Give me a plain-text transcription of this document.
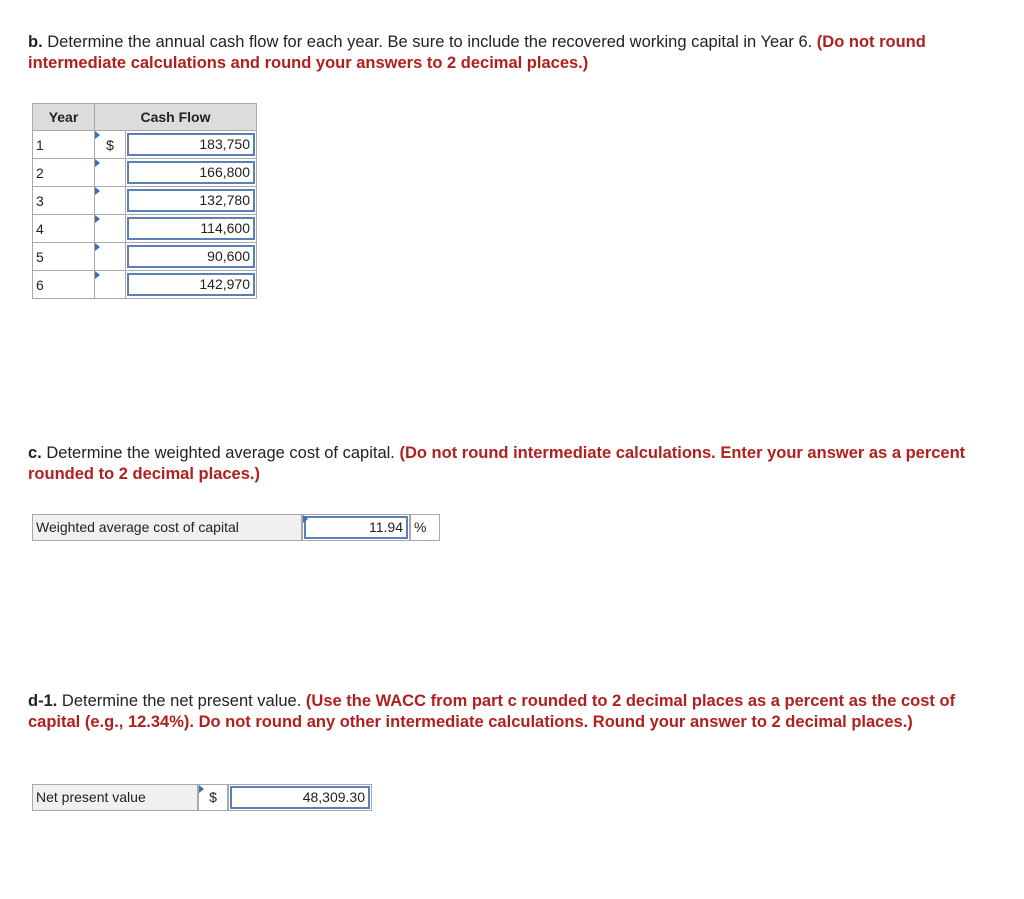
b. Determine the annual cash flow for each year. Be sure to include the recovered working capital in Year 6. (Do not round intermediate calculations and round your answers to 2 decimal places.)
Year	Cash Flow	
1	$	183,750

2		166,800

3		132,780

4		114,600

5		90,600

6		142,970
c. Determine the weighted average cost of capital. (Do not round intermediate calculations. Enter your answer as a percent rounded to 2 decimal places.)
Weighted average cost of capital	11.94 %
d-1. Determine the net present value. (Use the WACC from part c rounded to 2 decimal places as a percent as the cost of capital (e.g., 12.34%). Do not round any other intermediate calculations. Round your answer to 2 decimal places.)
Net present value	$	48,309.30
